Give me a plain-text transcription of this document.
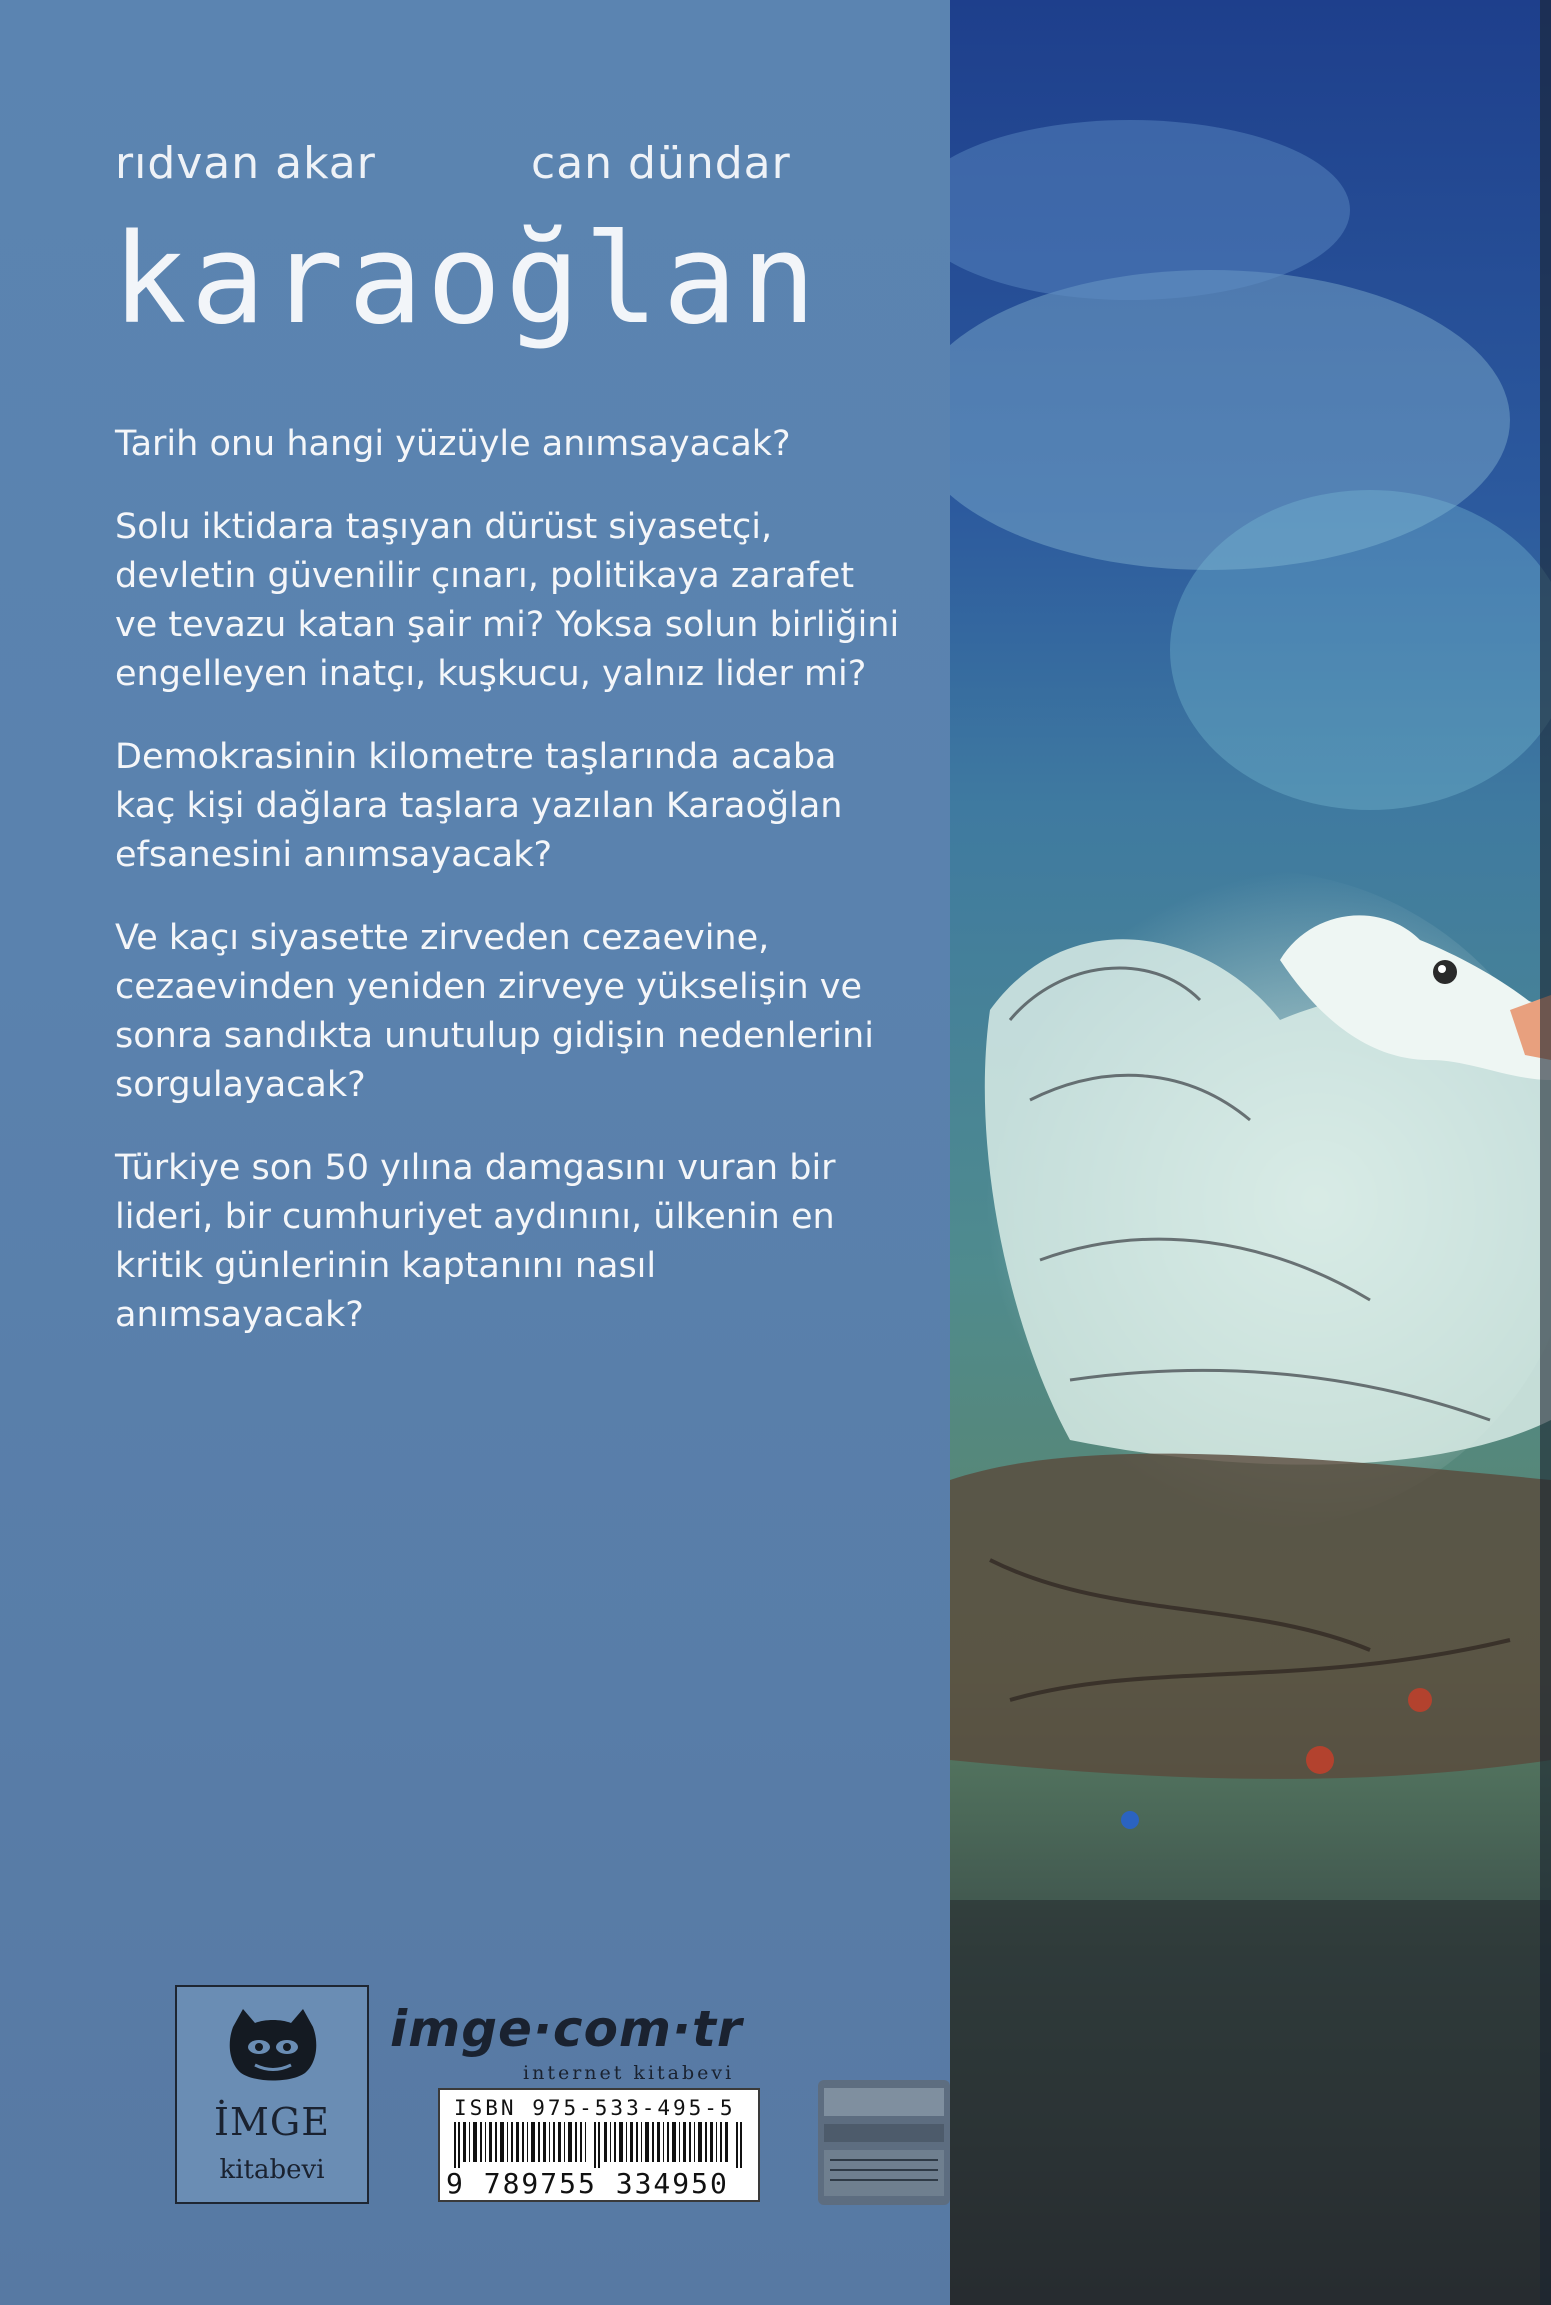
rıdvan akar	can dündar
karaoğlan

Tarih onu hangi yüzüyle anımsayacak?

Solu iktidara taşıyan dürüst siyasetçi, devletin güvenilir çınarı, politikaya zarafet ve tevazu katan şair mi? Yoksa solun birliğini engelleyen inatçı, kuşkucu, yalnız lider mi?

Demokrasinin kilometre taşlarında acaba kaç kişi dağlara taşlara yazılan Karaoğlan efsanesini anımsayacak?

Ve kaçı siyasette zirveden cezaevine, cezaevinden yeniden zirveye yükselişin ve sonra sandıkta unutulup gidişin nedenlerini sorgulayacak?

Türkiye son 50 yılına damgasını vuran bir lideri, bir cumhuriyet aydınını, ülkenin en kritik günlerinin kaptanını nasıl anımsayacak?

İMGE
kitabevi
imge·com·tr
internet kitabevi
ISBN 975-533-495-5
9 789755 334950
